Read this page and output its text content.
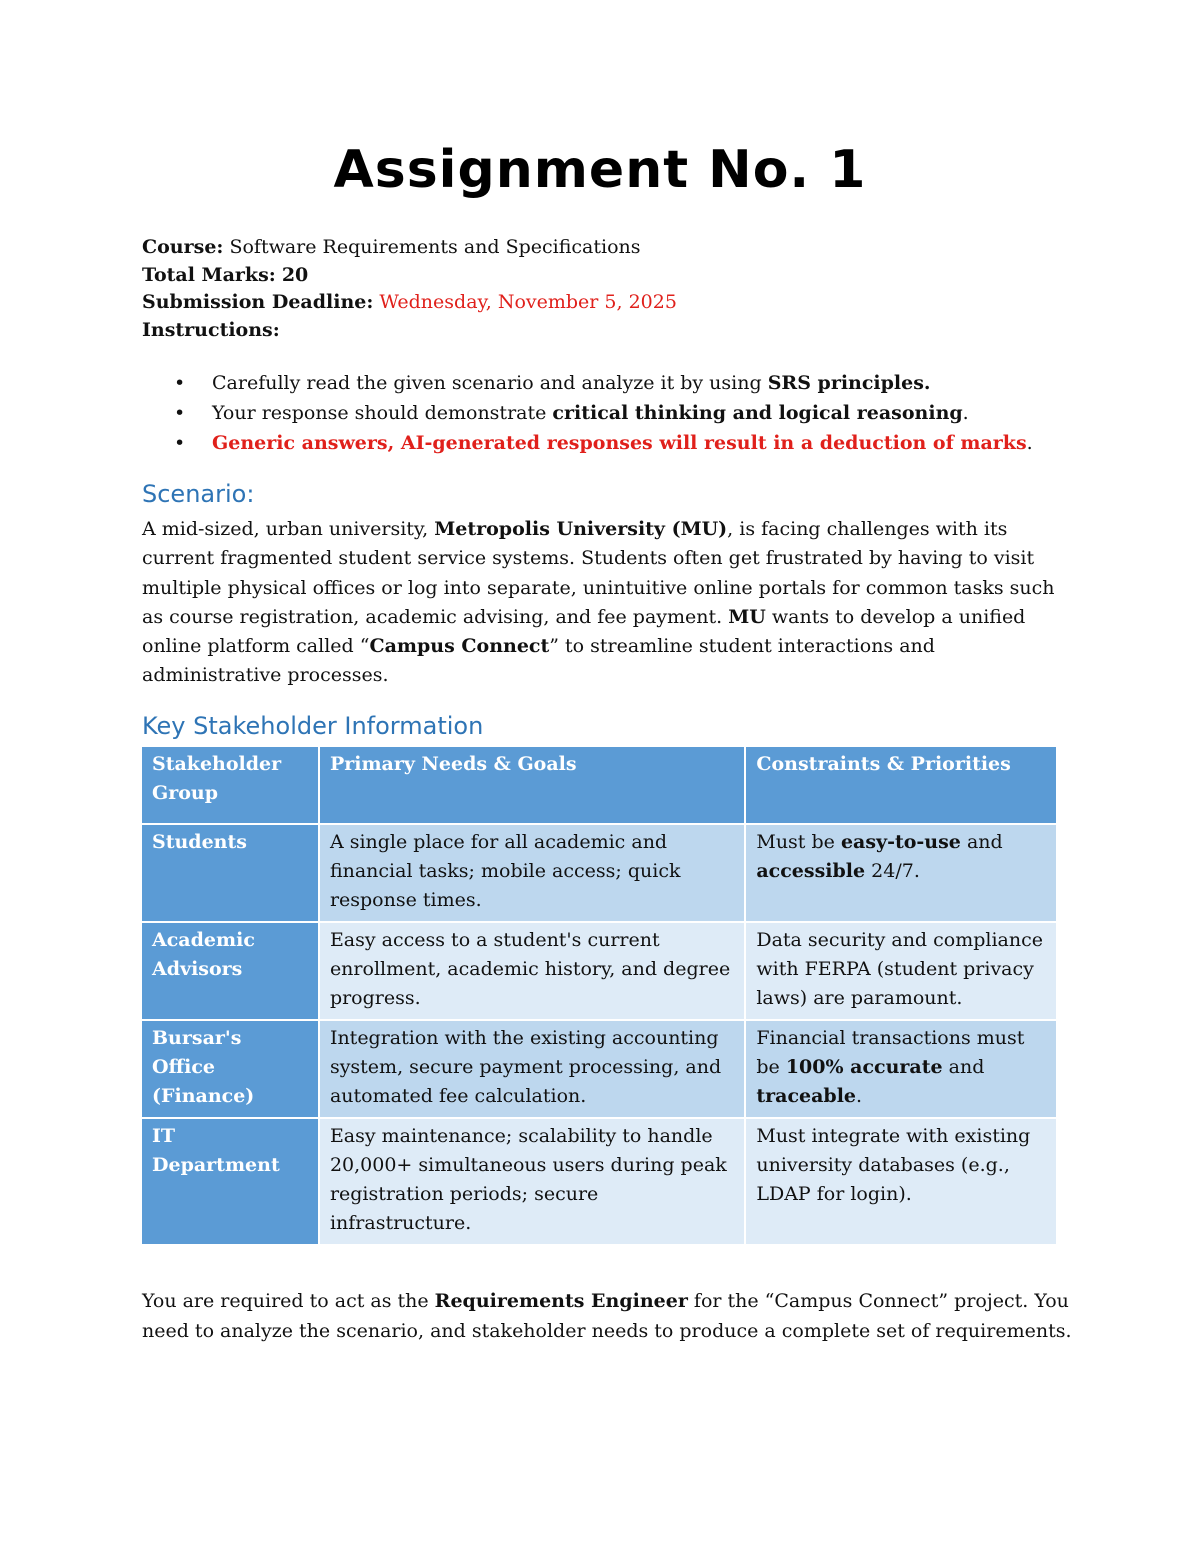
Assignment No. 1
Course: Software Requirements and Specifications
Total Marks: 20
Submission Deadline: Wednesday, November 5, 2025
Instructions:
• Carefully read the given scenario and analyze it by using SRS principles.
• Your response should demonstrate critical thinking and logical reasoning.
• Generic answers, AI-generated responses will result in a deduction of marks.
Scenario:

A mid-sized, urban university, Metropolis University (MU), is facing challenges with its current fragmented student service systems. Students often get frustrated by having to visit multiple physical offices or log into separate, unintuitive online portals for common tasks such as course registration, academic advising, and fee payment. MU wants to develop a unified online platform called “Campus Connect” to streamline student interactions and administrative processes.

Key Stakeholder Information
Stakeholder Group	Primary Needs & Goals	Constraints & Priorities
Students	A single place for all academic and financial tasks; mobile access; quick response times.	Must be easy-to-use and accessible 24/7.
Academic Advisors	Easy access to a student's current enrollment, academic history, and degree progress.	Data security and compliance with FERPA (student privacy laws) are paramount.
Bursar's Office (Finance)	Integration with the existing accounting system, secure payment processing, and automated fee calculation.	Financial transactions must be 100% accurate and traceable.
IT Department	Easy maintenance; scalability to handle 20,000+ simultaneous users during peak registration periods; secure infrastructure.	Must integrate with existing university databases (e.g., LDAP for login).

You are required to act as the Requirements Engineer for the “Campus Connect” project. You need to analyze the scenario, and stakeholder needs to produce a complete set of requirements.
